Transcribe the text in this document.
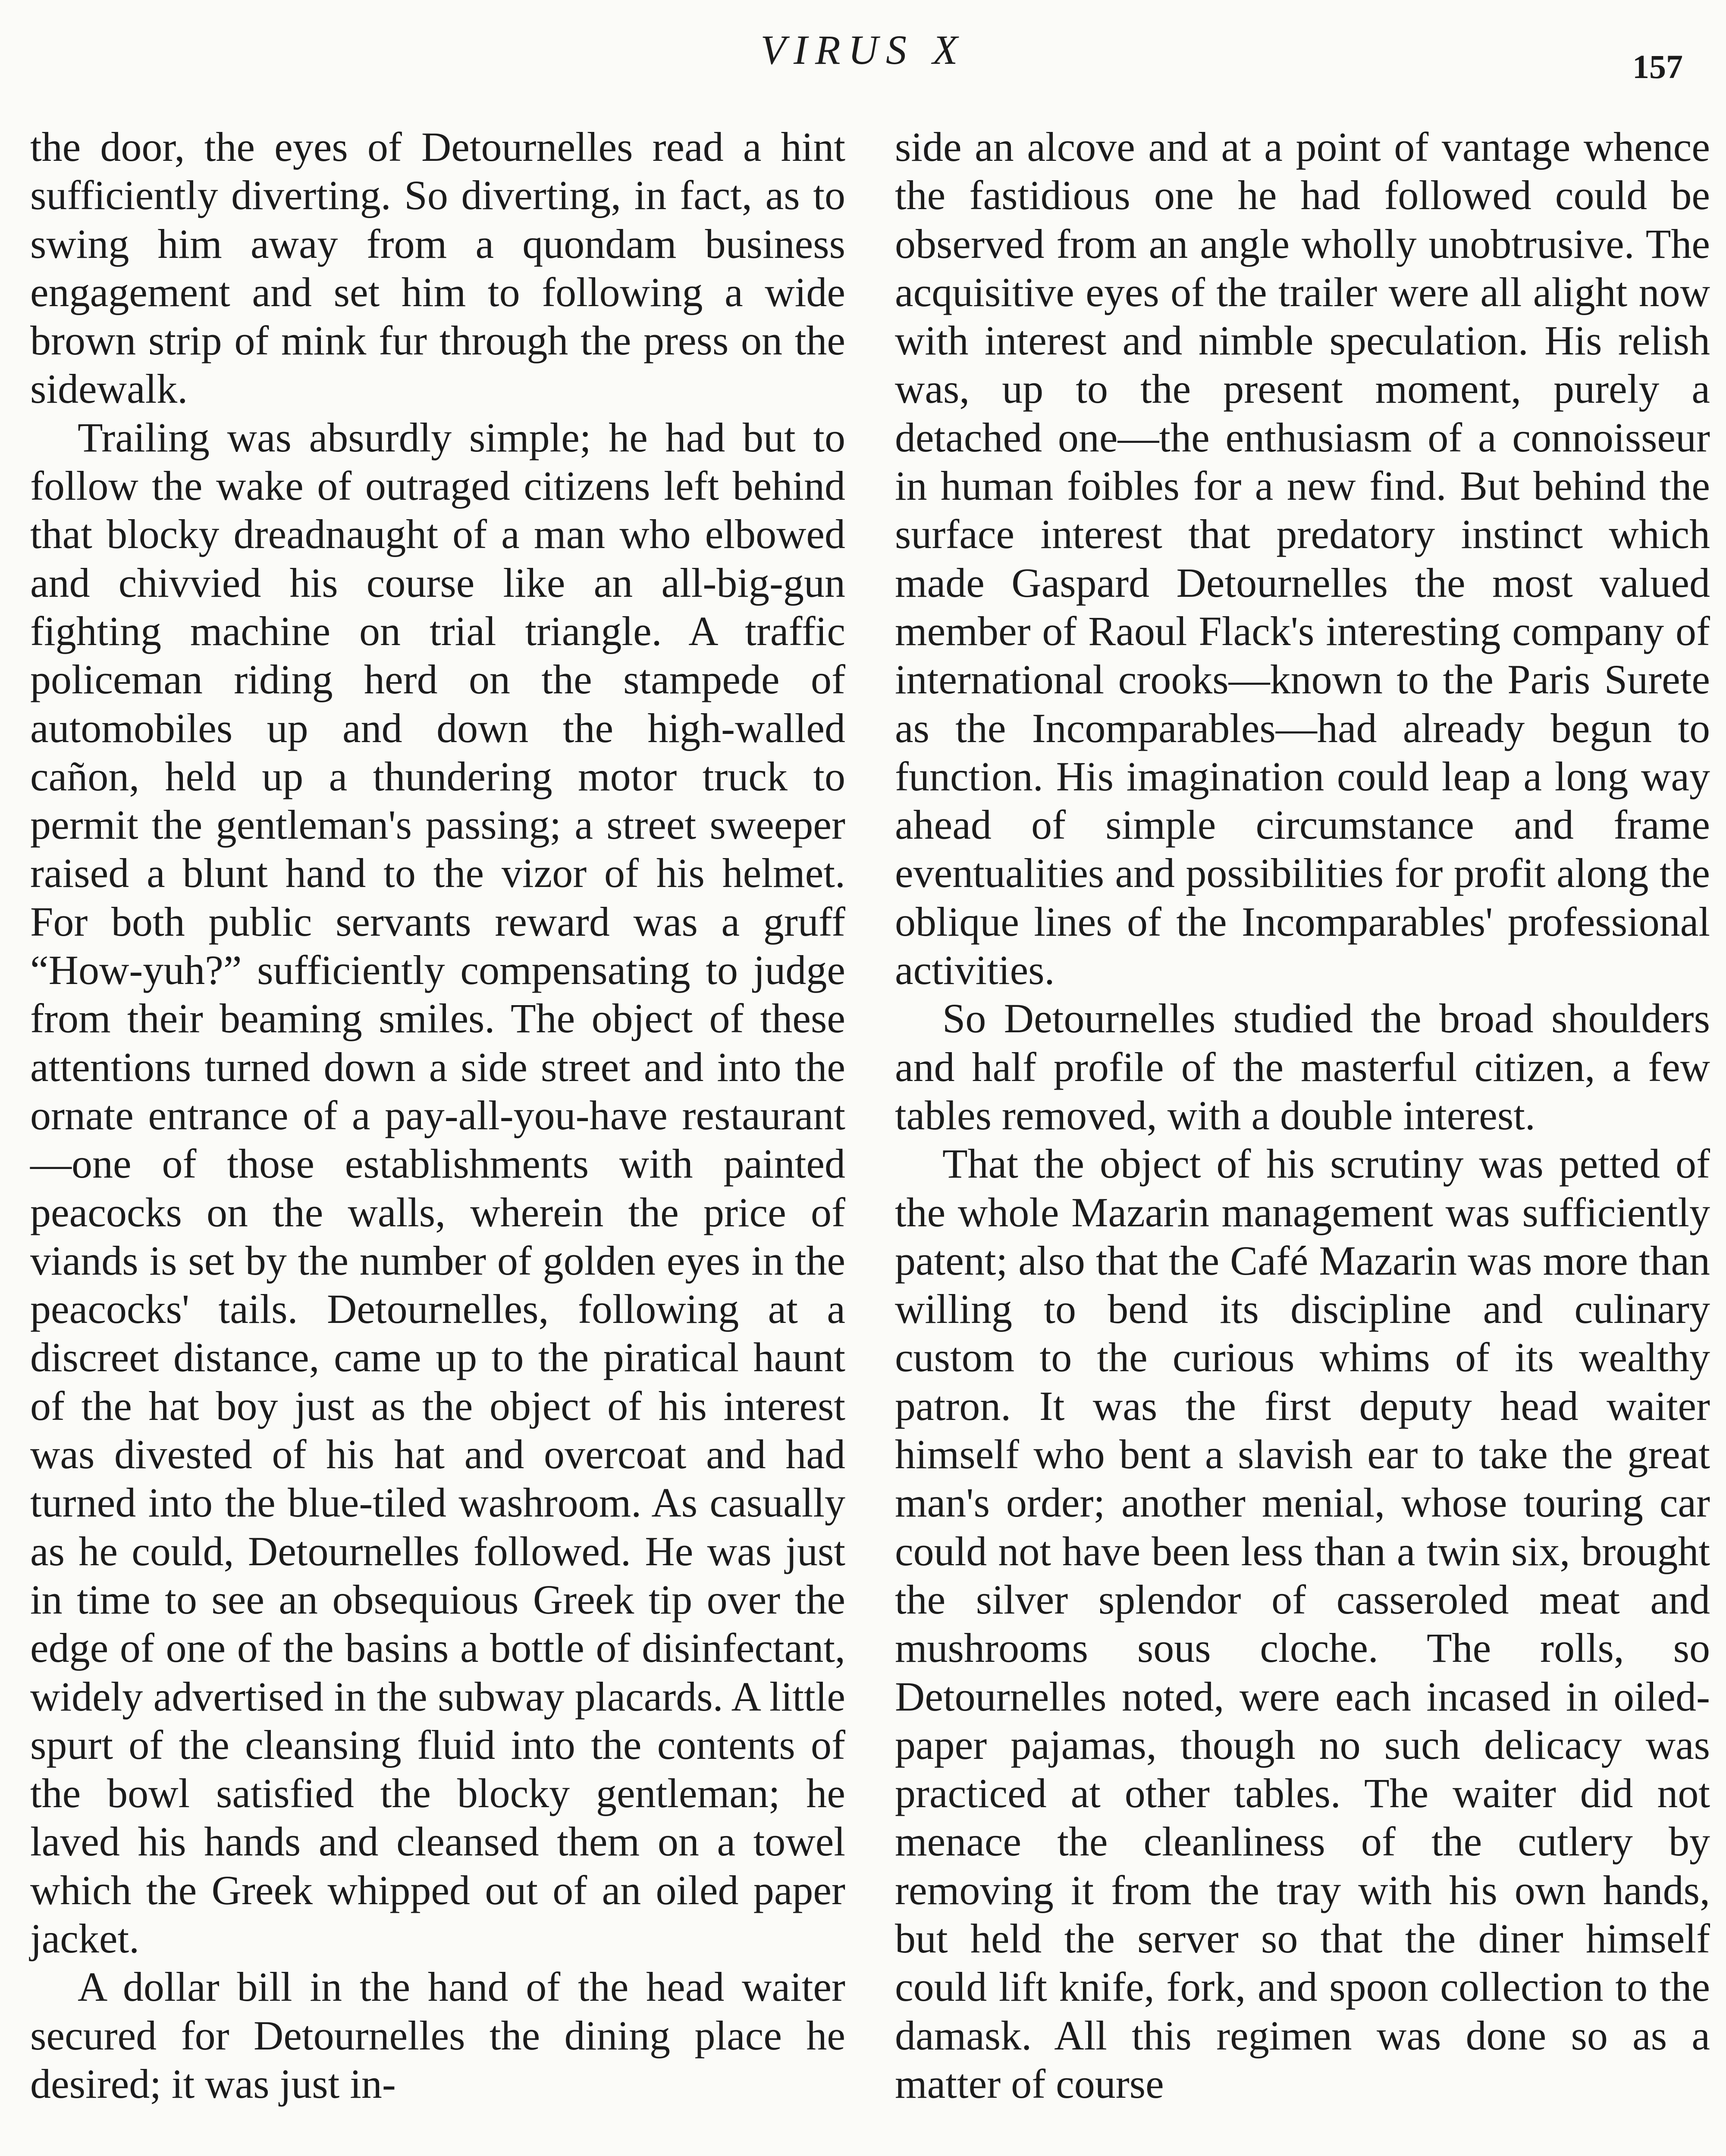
VIRUS X	157

the door, the eyes of Detournelles read a hint sufficiently diverting. So diverting, in fact, as to swing him away from a quondam business engagement and set him to following a wide brown strip of mink fur through the press on the sidewalk.

Trailing was absurdly simple; he had but to follow the wake of outraged citizens left behind that blocky dreadnaught of a man who elbowed and chivvied his course like an all-big-gun fighting machine on trial triangle. A traffic policeman riding herd on the stampede of automobiles up and down the high-walled cañon, held up a thundering motor truck to permit the gentleman's passing; a street sweeper raised a blunt hand to the vizor of his helmet. For both public servants reward was a gruff “How-yuh?” sufficiently compensating to judge from their beaming smiles. The object of these attentions turned down a side street and into the ornate entrance of a pay-all-you-have restaurant—one of those establishments with painted peacocks on the walls, wherein the price of viands is set by the number of golden eyes in the peacocks' tails. Detournelles, following at a discreet distance, came up to the piratical haunt of the hat boy just as the object of his interest was divested of his hat and overcoat and had turned into the blue-tiled washroom. As casually as he could, Detournelles followed. He was just in time to see an obsequious Greek tip over the edge of one of the basins a bottle of disinfectant, widely advertised in the subway placards. A little spurt of the cleansing fluid into the contents of the bowl satisfied the blocky gentleman; he laved his hands and cleansed them on a towel which the Greek whipped out of an oiled paper jacket.

A dollar bill in the hand of the head waiter secured for Detournelles the dining place he desired; it was just in-

side an alcove and at a point of vantage whence the fastidious one he had followed could be observed from an angle wholly unobtrusive. The acquisitive eyes of the trailer were all alight now with interest and nimble speculation. His relish was, up to the present moment, purely a detached one—the enthusiasm of a connoisseur in human foibles for a new find. But behind the surface interest that predatory instinct which made Gaspard Detournelles the most valued member of Raoul Flack's interesting company of international crooks—known to the Paris Surete as the Incomparables—had already begun to function. His imagination could leap a long way ahead of simple circumstance and frame eventualities and possibilities for profit along the oblique lines of the Incomparables' professional activities.

So Detournelles studied the broad shoulders and half profile of the masterful citizen, a few tables removed, with a double interest.

That the object of his scrutiny was petted of the whole Mazarin management was sufficiently patent; also that the Café Mazarin was more than willing to bend its discipline and culinary custom to the curious whims of its wealthy patron. It was the first deputy head waiter himself who bent a slavish ear to take the great man's order; another menial, whose touring car could not have been less than a twin six, brought the silver splendor of casseroled meat and mushrooms sous cloche. The rolls, so Detournelles noted, were each incased in oiled-paper pajamas, though no such delicacy was practiced at other tables. The waiter did not menace the cleanliness of the cutlery by removing it from the tray with his own hands, but held the server so that the diner himself could lift knife, fork, and spoon collection to the damask. All this regimen was done so as a matter of course
